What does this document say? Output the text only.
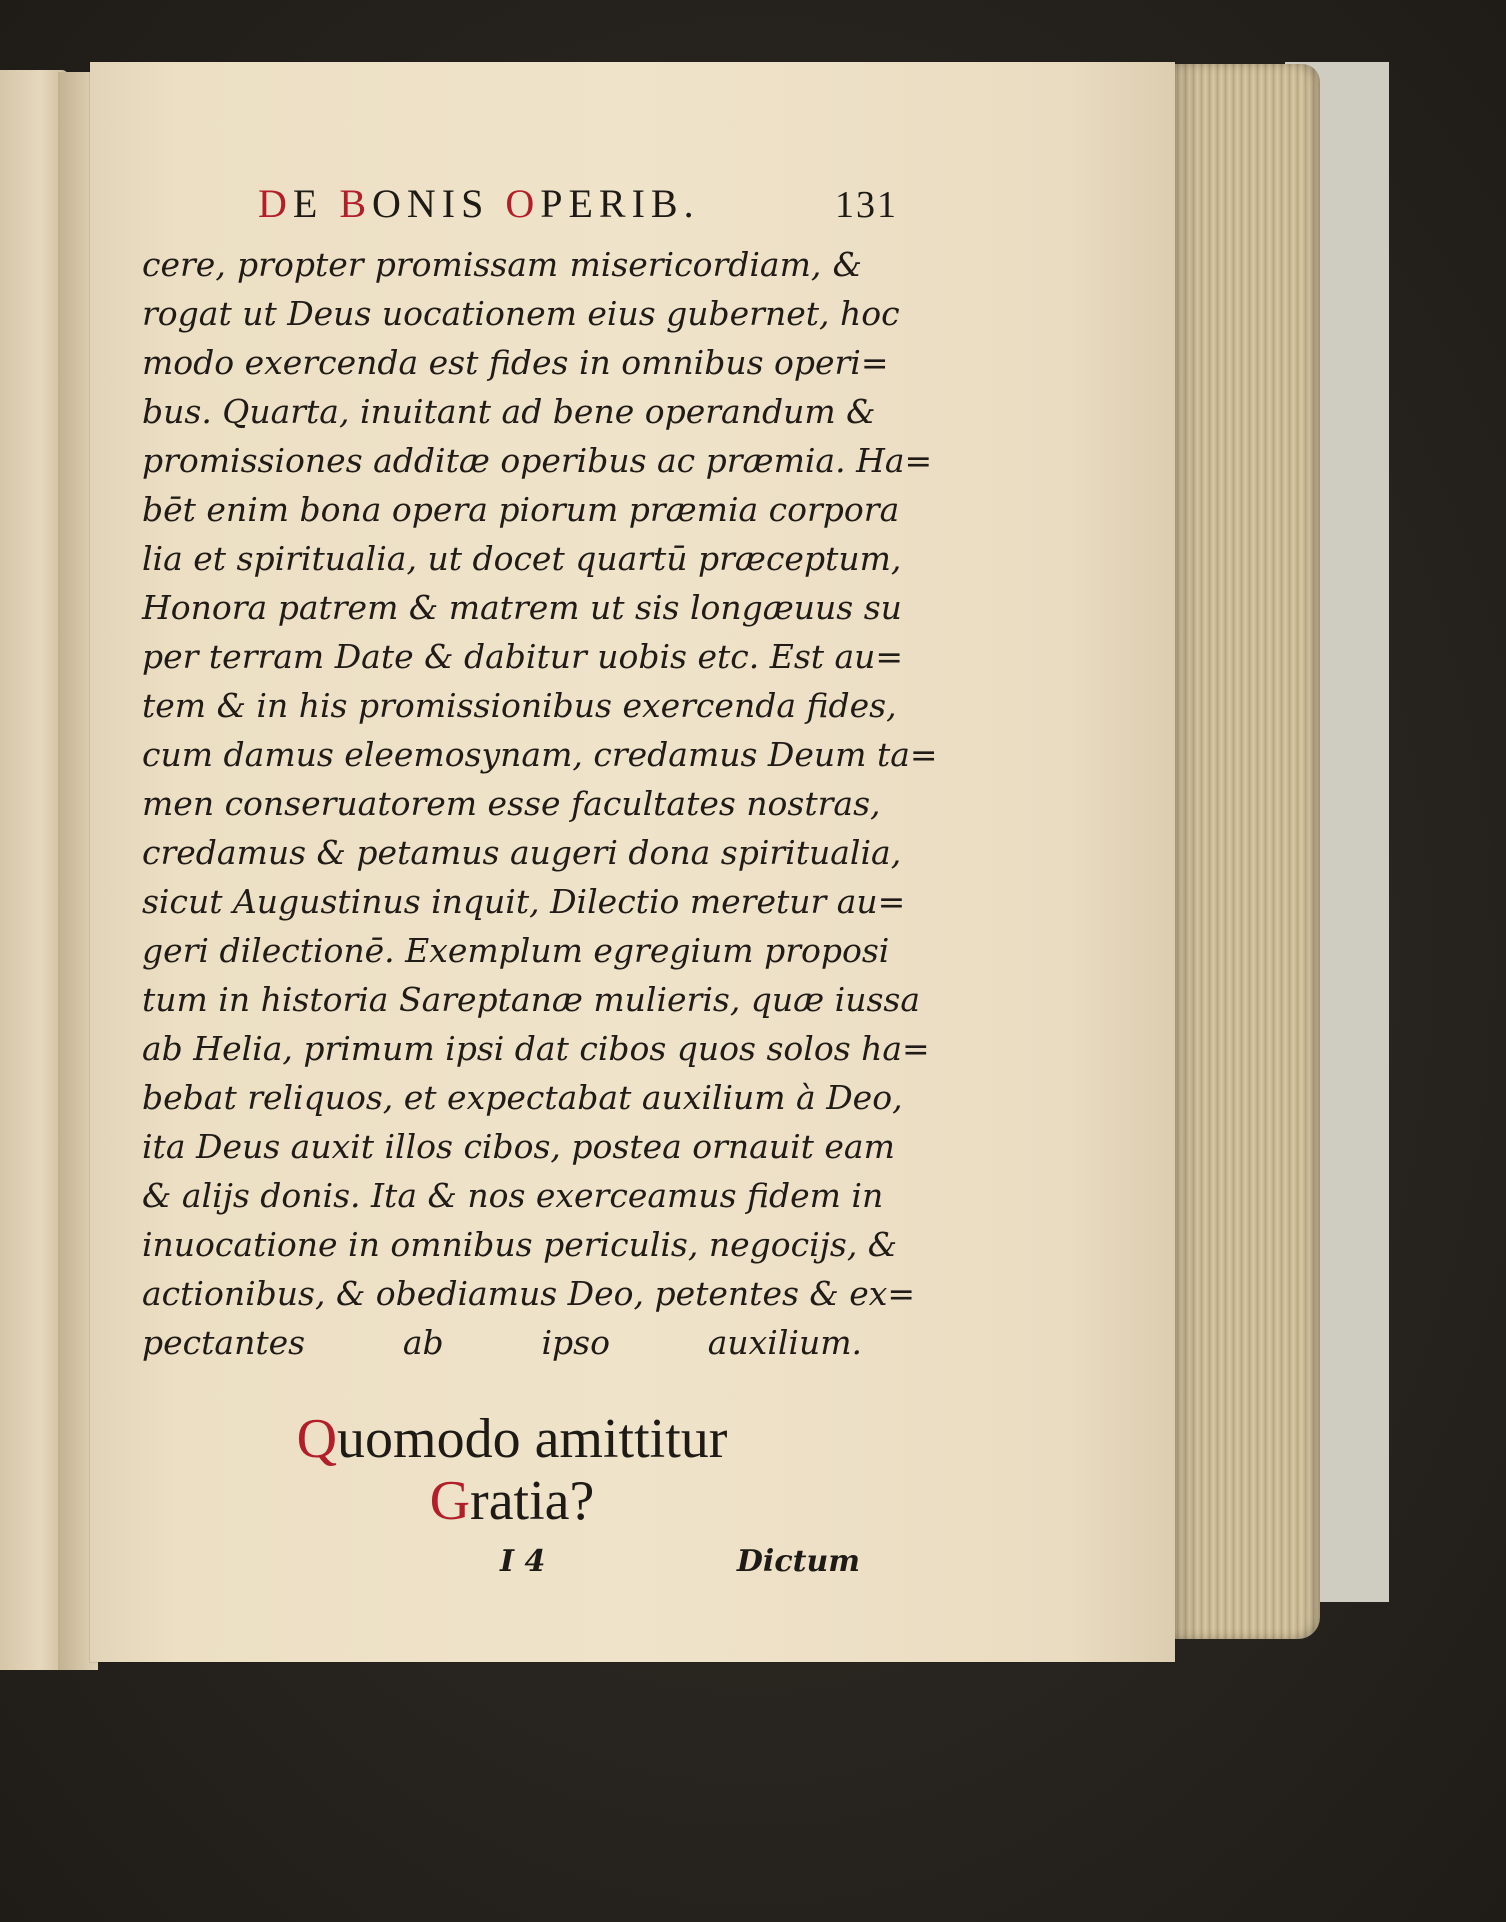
DE BONIS OPERIB.	131
cere, propter promissam misericordiam, &
rogat ut Deus uocationem eius gubernet, hoc
modo exercenda est fides in omnibus operi=
bus. Quarta, inuitant ad bene operandum &
promissiones additæ operibus ac præmia. Ha=
bēt enim bona opera piorum præmia corpora
lia et spiritualia, ut docet quartū præceptum,
Honora patrem & matrem ut sis longæuus su
per terram Date & dabitur uobis etc. Est au=
tem & in his promissionibus exercenda fides,
cum damus eleemosynam, credamus Deum ta=
men conseruatorem esse facultates nostras,
credamus & petamus augeri dona spiritualia,
sicut Augustinus inquit, Dilectio meretur au=
geri dilectionē. Exemplum egregium proposi
tum in historia Sareptanæ mulieris, quæ iussa
ab Helia, primum ipsi dat cibos quos solos ha=
bebat reliquos, et expectabat auxilium à Deo,
ita Deus auxit illos cibos, postea ornauit eam
& alijs donis. Ita & nos exerceamus fidem in
inuocatione in omnibus periculis, negocijs, &
actionibus, & obediamus Deo, petentes & ex=
pectantes ab ipso auxilium.
Quomodo amittitur
Gratia?
I 4	Dictum
